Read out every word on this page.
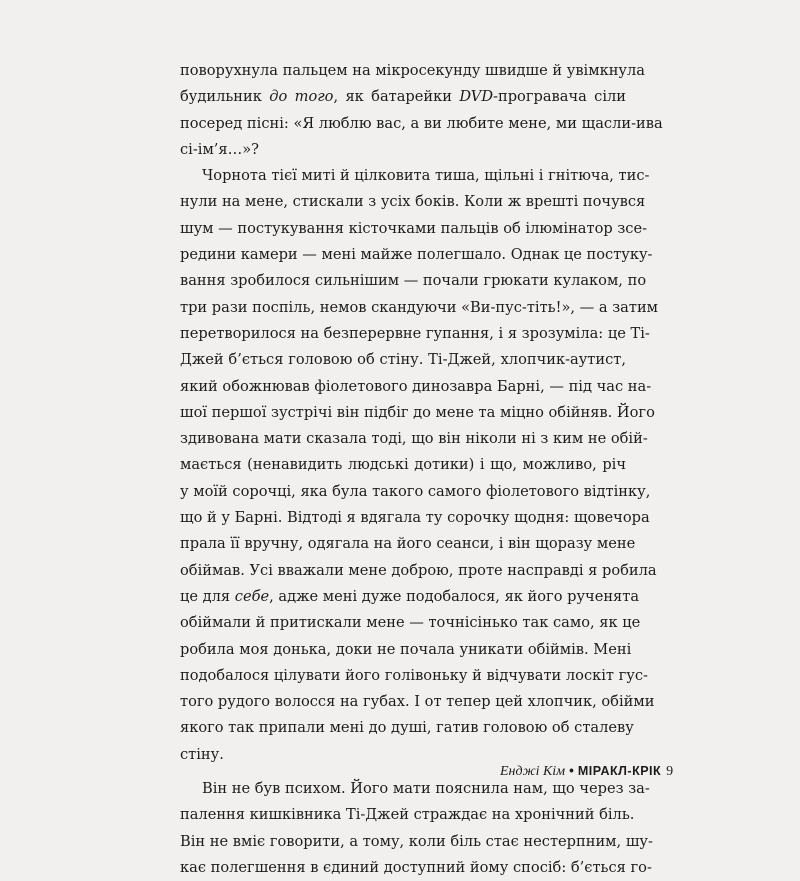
поворухнула пальцем на мікросекунду швидше й увімкнула
будильник до того, як батарейки DVD-програвача сіли
посеред пісні: «Я люблю вас, а ви любите мене, ми щасли-ива
сі-ім’я…»?
Чорнота тієї миті й цілковита тиша, щільні і гнітюча, тис-
нули на мене, стискали з усіх боків. Коли ж врешті почувся
шум — постукування кісточками пальців об ілюмінатор зсе-
редини камери — мені майже полегшало. Однак це постуку-
вання зробилося сильнішим — почали грюкати кулаком, по
три рази поспіль, немов скандуючи «Ви-пус-тіть!», — а затим
перетворилося на безперервне гупання, і я зрозуміла: це Ті-
Джей б’ється головою об стіну. Ті-Джей, хлопчик-аутист,
який обожнював фіолетового динозавра Барні, — під час на-
шої першої зустрічі він підбіг до мене та міцно обійняв. Його
здивована мати сказала тоді, що він ніколи ні з ким не обій-
мається (ненавидить людські дотики) і що, можливо, річ
у моїй сорочці, яка була такого самого фіолетового відтінку,
що й у Барні. Відтоді я вдягала ту сорочку щодня: щовечора
прала її вручну, одягала на його сеанси, і він щоразу мене
обіймав. Усі вважали мене доброю, проте насправді я робила
це для себе, адже мені дуже подобалося, як його рученята
обіймали й притискали мене — точнісінько так само, як це
робила моя донька, доки не почала уникати обіймів. Мені
подобалося цілувати його голівоньку й відчувати лоскіт гус-
того рудого волосся на губах. І от тепер цей хлопчик, обійми
якого так припали мені до душі, гатив головою об сталеву
стіну.
Він не був психом. Його мати пояснила нам, що через за-
палення кишківника Ті-Джей страждає на хронічний біль.
Він не вміє говорити, а тому, коли біль стає нестерпним, шу-
кає полегшення в єдиний доступний йому спосіб: б’ється го-
Енджі Кім • МІРАКЛ-КРІК 9
